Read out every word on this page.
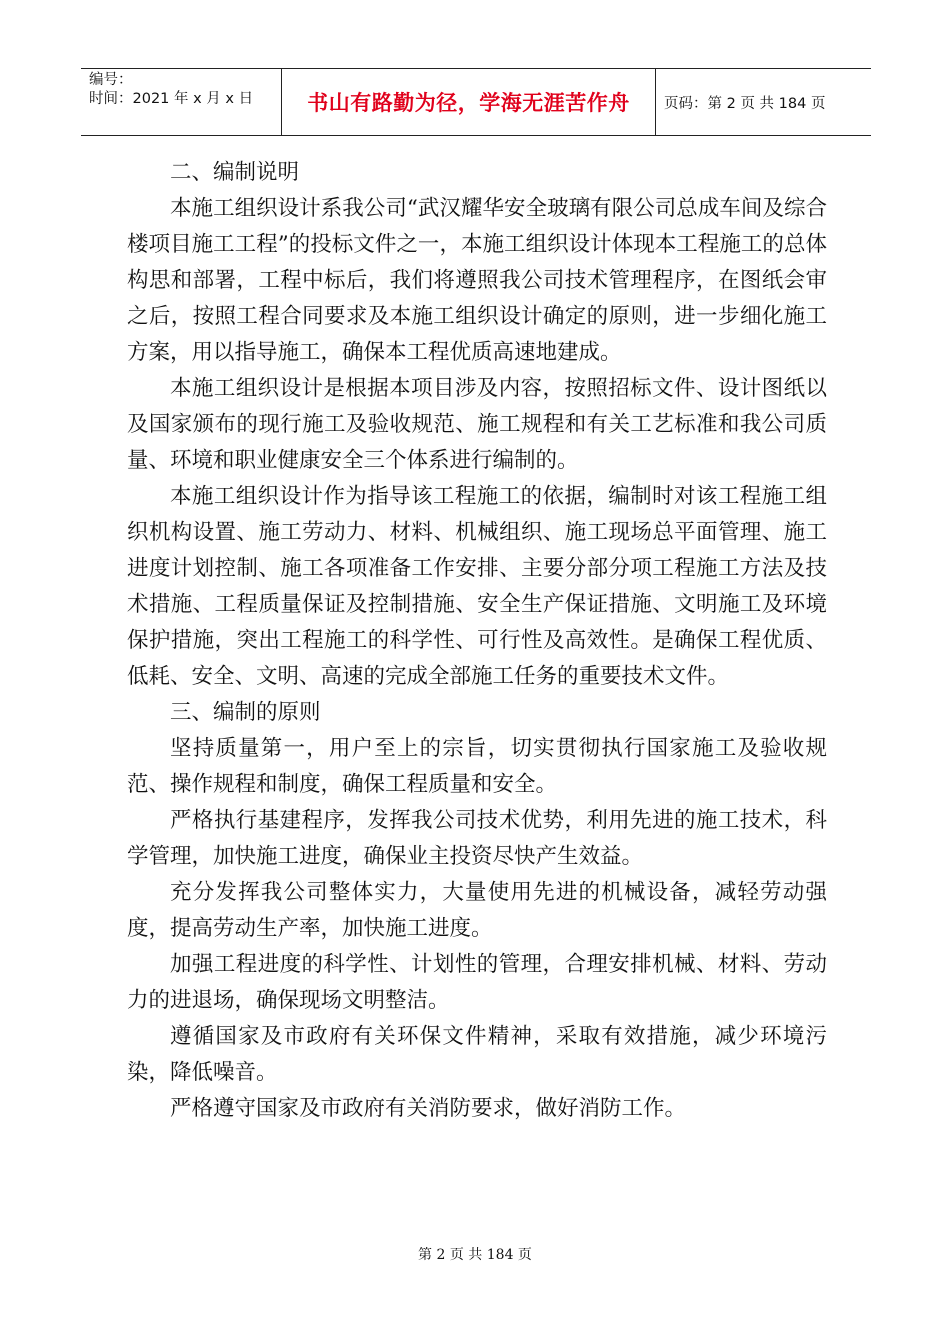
编号：
时间：2021 年 x 月 x 日	书山有路勤为径，学海无涯苦作舟	页码：第 2 页 共 184 页

二、编制说明

本施工组织设计系我公司“武汉耀华安全玻璃有限公司总成车间及综合楼项目施工工程”的投标文件之一，本施工组织设计体现本工程施工的总体构思和部署，工程中标后，我们将遵照我公司技术管理程序，在图纸会审之后，按照工程合同要求及本施工组织设计确定的原则，进一步细化施工方案，用以指导施工，确保本工程优质高速地建成。

本施工组织设计是根据本项目涉及内容，按照招标文件、设计图纸以及国家颁布的现行施工及验收规范、施工规程和有关工艺标准和我公司质量、环境和职业健康安全三个体系进行编制的。

本施工组织设计作为指导该工程施工的依据，编制时对该工程施工组织机构设置、施工劳动力、材料、机械组织、施工现场总平面管理、施工进度计划控制、施工各项准备工作安排、主要分部分项工程施工方法及技术措施、工程质量保证及控制措施、安全生产保证措施、文明施工及环境保护措施，突出工程施工的科学性、可行性及高效性。是确保工程优质、低耗、安全、文明、高速的完成全部施工任务的重要技术文件。

三、编制的原则

坚持质量第一，用户至上的宗旨，切实贯彻执行国家施工及验收规范、操作规程和制度，确保工程质量和安全。

严格执行基建程序，发挥我公司技术优势，利用先进的施工技术，科学管理，加快施工进度，确保业主投资尽快产生效益。

充分发挥我公司整体实力，大量使用先进的机械设备，减轻劳动强度，提高劳动生产率，加快施工进度。

加强工程进度的科学性、计划性的管理，合理安排机械、材料、劳动力的进退场，确保现场文明整洁。

遵循国家及市政府有关环保文件精神，采取有效措施，减少环境污染，降低噪音。

严格遵守国家及市政府有关消防要求，做好消防工作。

第 2 页 共 184 页
